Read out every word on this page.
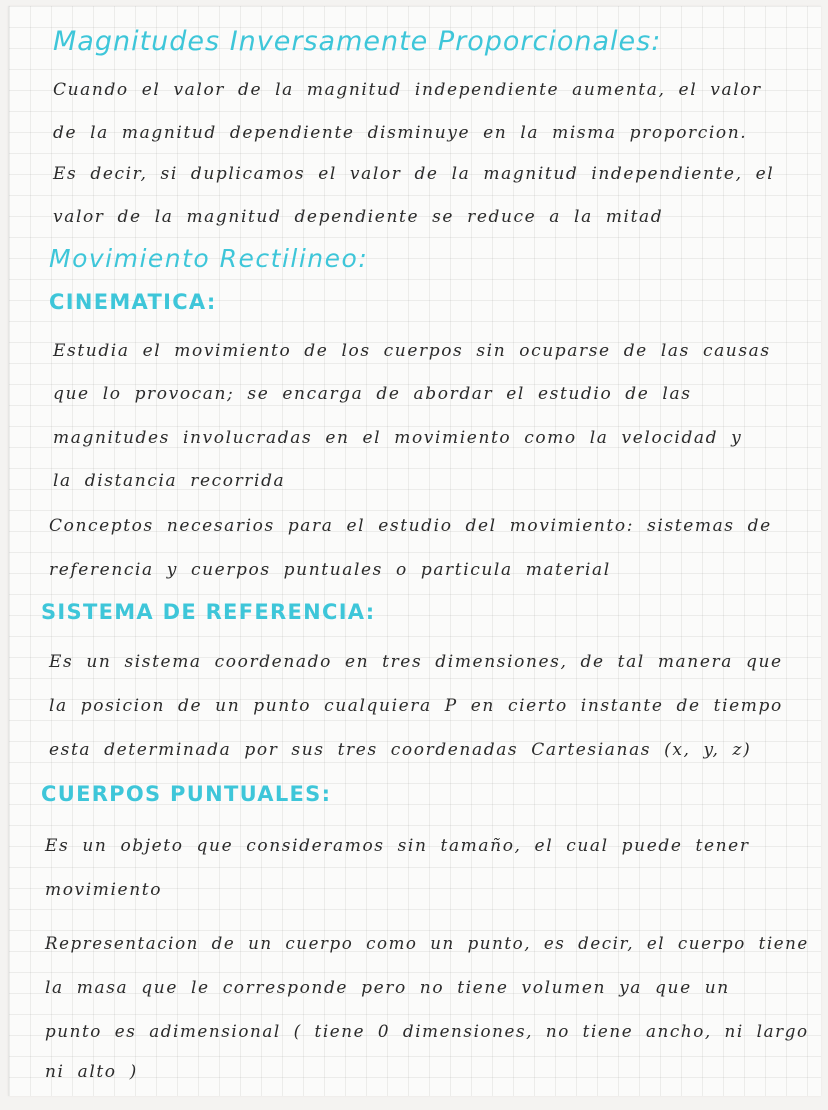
Magnitudes Inversamente Proporcionales:
Cuando el valor de la magnitud independiente aumenta, el valor
de la magnitud dependiente disminuye en la misma proporcion.
Es decir, si duplicamos el valor de la magnitud independiente, el
valor de la magnitud dependiente se reduce a la mitad
Movimiento Rectilineo:
CINEMATICA:
Estudia el movimiento de los cuerpos sin ocuparse de las causas
que lo provocan; se encarga de abordar el estudio de las
magnitudes involucradas en el movimiento como la velocidad y
la distancia recorrida
Conceptos necesarios para el estudio del movimiento: sistemas de
referencia y cuerpos puntuales o particula material
SISTEMA DE REFERENCIA:
Es un sistema coordenado en tres dimensiones, de tal manera que
la posicion de un punto cualquiera P en cierto instante de tiempo
esta determinada por sus tres coordenadas Cartesianas (x, y, z)
CUERPOS PUNTUALES:
Es un objeto que consideramos sin tamaño, el cual puede tener
movimiento
Representacion de un cuerpo como un punto, es decir, el cuerpo tiene
la masa que le corresponde pero no tiene volumen ya que un
punto es adimensional ( tiene 0 dimensiones, no tiene ancho, ni largo
ni alto )
